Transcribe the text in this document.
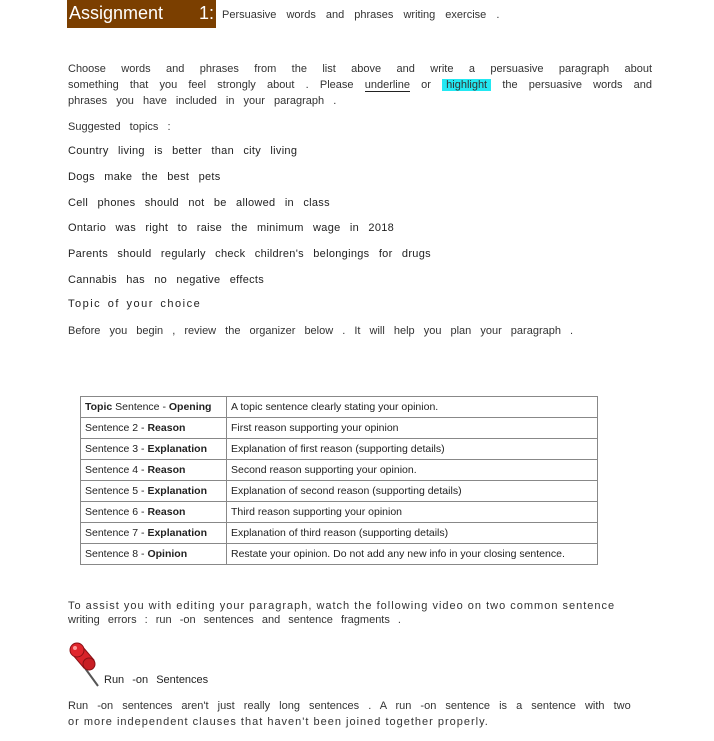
Assignment 1: Persuasive words and phrases writing exercise .
Choose words and phrases from the list above and write a persuasive paragraph about
something that you feel strongly about . Please underline or highlight the persuasive words and
phrases you have included in your paragraph .
Suggested topics :
Country living is better than city living
Dogs make the best pets
Cell phones should not be allowed in class
Ontario was right to raise the minimum wage in 2018
Parents should regularly check children's belongings for drugs
Cannabis has no negative effects
Topic of your choice
Before you begin , review the organizer below . It will help you plan your paragraph .
Topic Sentence - Opening	A topic sentence clearly stating your opinion.
Sentence 2 - Reason	First reason supporting your opinion
Sentence 3 - Explanation	Explanation of first reason (supporting details)
Sentence 4 - Reason	Second reason supporting your opinion.
Sentence 5 - Explanation	Explanation of second reason (supporting details)
Sentence 6 - Reason	Third reason supporting your opinion
Sentence 7 - Explanation	Explanation of third reason (supporting details)
Sentence 8 - Opinion	Restate your opinion. Do not add any new info in your closing sentence.
To assist you with editing your paragraph, watch the following video on two common sentence
writing errors : run -on sentences and sentence fragments .
Run -on Sentences
Run -on sentences aren't just really long sentences . A run -on sentence is a sentence with two
or more independent clauses that haven't been joined together properly.
